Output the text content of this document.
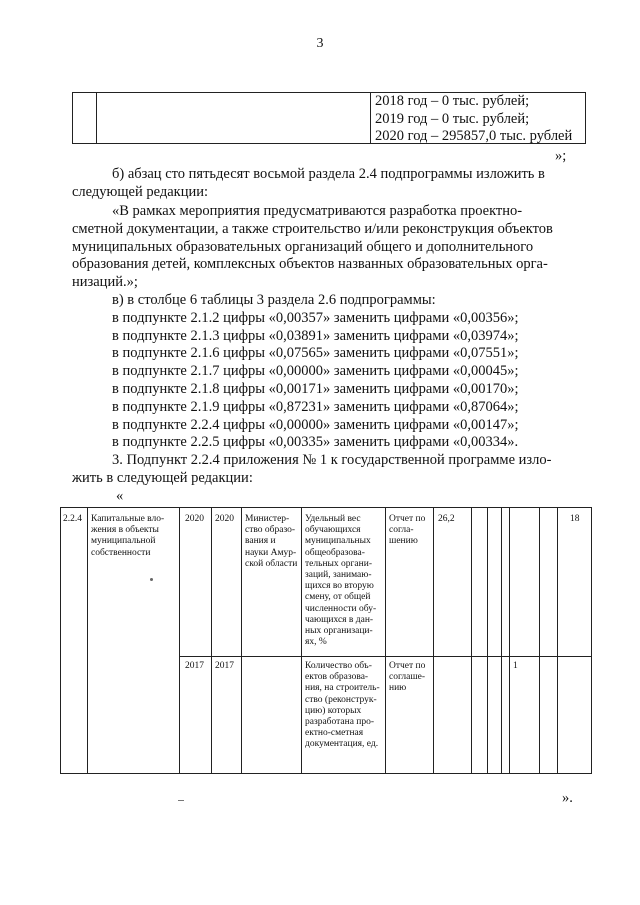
3
2018 год – 0 тыс. рублей;
2019 год – 0 тыс. рублей;
2020 год – 295857,0 тыс. рублей
»;
б) абзац сто пятьдесят восьмой раздела 2.4 подпрограммы изложить в
следующей редакции:
«В рамках мероприятия предусматриваются разработка проектно-
сметной документации, а также строительство и/или реконструкция объектов
муниципальных образовательных организаций общего и дополнительного
образования детей, комплексных объектов названных образовательных орга-
низаций.»;
в) в столбце 6 таблицы 3 раздела 2.6 подпрограммы:
в подпункте 2.1.2 цифры «0,00357» заменить цифрами «0,00356»;
в подпункте 2.1.3 цифры «0,03891» заменить цифрами «0,03974»;
в подпункте 2.1.6 цифры «0,07565» заменить цифрами «0,07551»;
в подпункте 2.1.7 цифры «0,00000» заменить цифрами «0,00045»;
в подпункте 2.1.8 цифры «0,00171» заменить цифрами «0,00170»;
в подпункте 2.1.9 цифры «0,87231» заменить цифрами «0,87064»;
в подпункте 2.2.4 цифры «0,00000» заменить цифрами «0,00147»;
в подпункте 2.2.5 цифры «0,00335» заменить цифрами «0,00334».
3. Подпункт 2.2.4 приложения № 1 к государственной программе изло-
жить в следующей редакции:
«
2.2.4 Капитальные вло-
жения в объекты
муниципальной
собственности
2020 2020 Министер-
ство образо-
вания и
науки Амур-
ской области
Удельный вес
обучающихся
муниципальных
общеобразова-
тельных органи-
заций, занимаю-
щихся во вторую
смену, от общей
численности обу-
чающихся в дан-
ных организаци-
ях, %
Отчет по
согла-
шению
26,2	18
2017 2017	Количество объ-
ектов образова-
ния, на строитель-
ство (реконструк-
цию) которых
разработана про-
ектно-сметная
документация, ед.
Отчет по
соглаше-
нию
1
».
